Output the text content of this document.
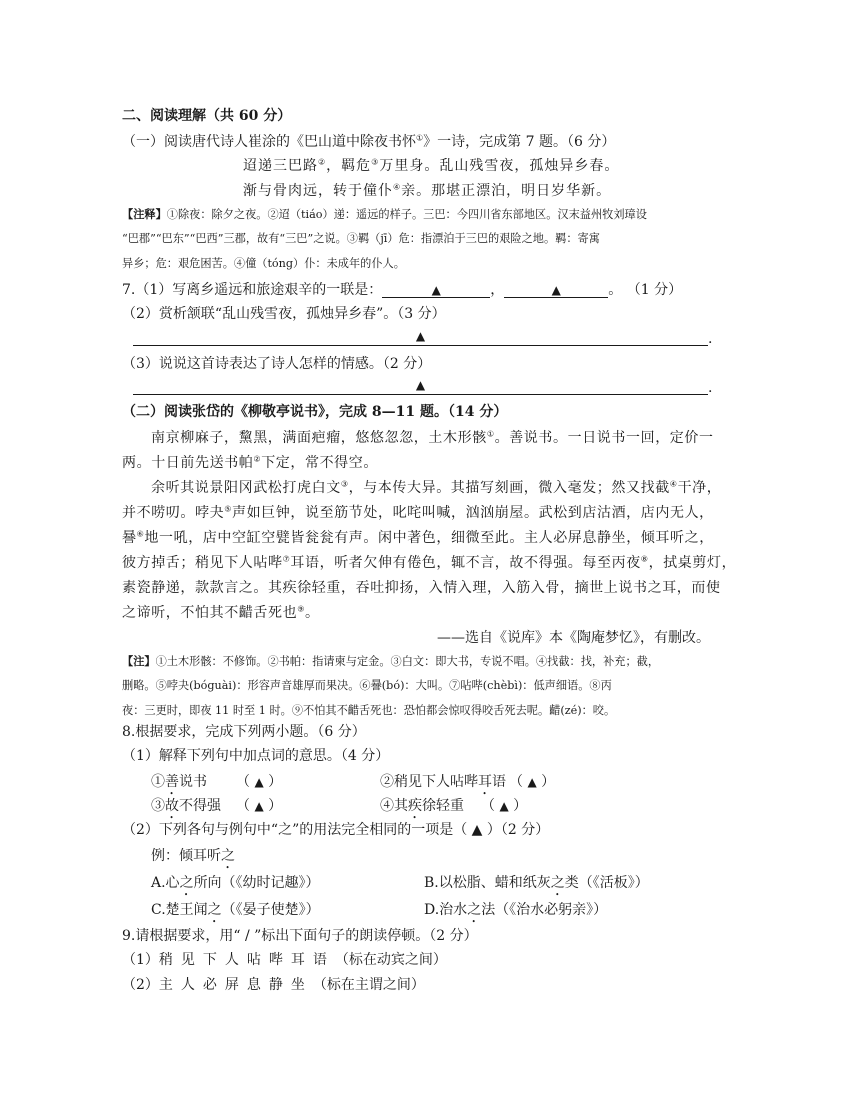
二、阅读理解（共 60 分）
（一）阅读唐代诗人崔涂的《巴山道中除夜书怀①》一诗，完成第 7 题。（6 分）
迢递三巴路②，羁危③万里身。乱山残雪夜，孤烛异乡春。
渐与骨肉远，转于僮仆④亲。那堪正漂泊，明日岁华新。
【注释】①除夜：除夕之夜。②迢（tiáo）递：遥远的样子。三巴：今四川省东部地区。汉末益州牧刘璋设
“巴郡”“巴东”“巴西”三郡，故有“三巴”之说。③羁（jī）危：指漂泊于三巴的艰险之地。羁：寄寓
异乡；危：艰危困苦。④僮（tóng）仆：未成年的仆人。
7.（1）写离乡遥远和旅途艰辛的一联是：	▲	，	▲	。 （1 分）
（2）赏析颔联“乱山残雪夜，孤烛异乡春”。（3 分）
▲	.
（3）说说这首诗表达了诗人怎样的情感。（2 分）
▲	.
（二）阅读张岱的《柳敬亭说书》，完成 8—11 题。（14 分）
南京柳麻子，黧黑，满面疤瘤，悠悠忽忽，土木形骸①。善说书。一日说书一回，定价一
两。十日前先送书帕②下定，常不得空。
余听其说景阳冈武松打虎白文③，与本传大异。其描写刻画，微入毫发；然又找截④干净，
并不唠叨。哱夬⑤声如巨钟，说至筋节处，叱咤叫喊，汹汹崩屋。武松到店沽酒，店内无人，
謈⑥地一吼，店中空缸空甓皆瓮瓮有声。闲中著色，细微至此。主人必屏息静坐，倾耳听之，
彼方掉舌；稍见下人呫哔⑦耳语，听者欠伸有倦色，辄不言，故不得强。每至丙夜⑧，拭桌剪灯，
素瓷静递，款款言之。其疾徐轻重，吞吐抑扬，入情入理，入筋入骨，摘世上说书之耳，而使
之谛听，不怕其不齰舌死也⑨。
——选自《说库》本《陶庵梦忆》，有删改。
【注】①土木形骸：不修饰。②书帕：指请柬与定金。③白文：即大书，专说不唱。④找截：找，补充；截，
删略。⑤哱夬(bóguài)：形容声音雄厚而果决。⑥謈(bó)：大叫。⑦呫哔(chèbì)：低声细语。⑧丙
夜：三更时，即夜 11 时至 1 时。⑨不怕其不齰舌死也：恐怕都会惊叹得咬舌死去呢。齰(zé)：咬。
8.根据要求，完成下列两小题。（6 分）
（1）解释下列句中加点词的意思。（4 分）
①善说书 （ ▲ ）	②稍见下人呫哔耳语 （ ▲ ）
③故不得强 （ ▲ ）	④其疾徐轻重 （ ▲ ）
（2）下列各句与例句中“之”的用法完全相同的一项是（ ▲ ）（2 分）
例：倾耳听之
A.心之所向（《幼时记趣》）	B.以松脂、蜡和纸灰之类（《活板》）
C.楚王闻之（《晏子使楚》）	D.治水之法（《治水必躬亲》）
9.请根据要求，用“ / ”标出下面句子的朗读停顿。（2 分）
（1）稍见下人呫哔耳语（标在动宾之间）
（2）主人必屏息静坐（标在主谓之间）
